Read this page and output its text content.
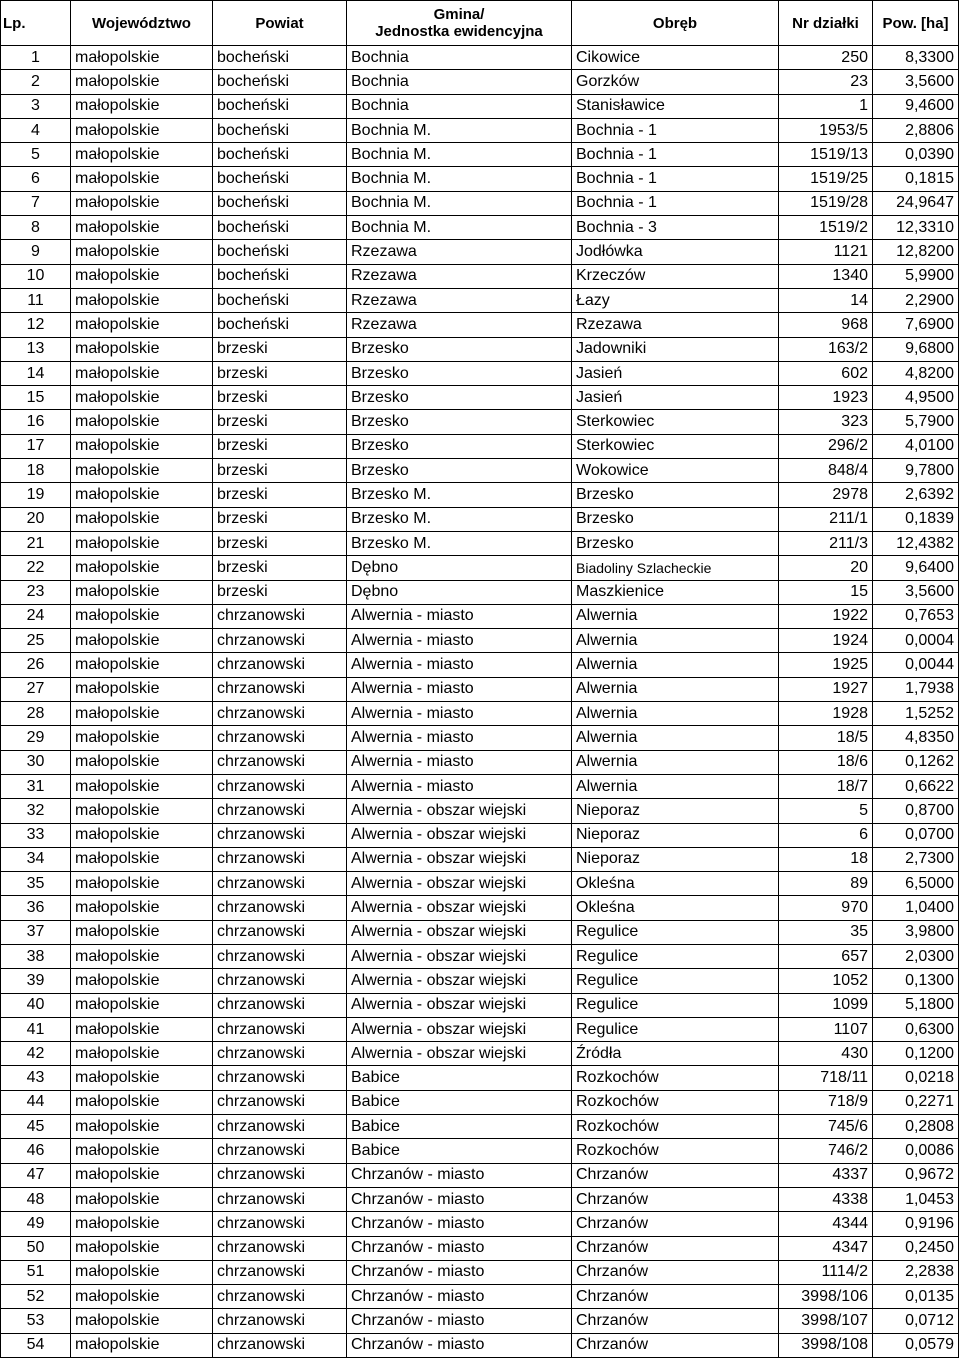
Lp.	Województwo	Powiat	Gmina/
Jednostka ewidencyjna	Obręb	Nr działki	Pow. [ha]
1	małopolskie	bocheński	Bochnia	Cikowice	250	8,3300
2	małopolskie	bocheński	Bochnia	Gorzków	23	3,5600
3	małopolskie	bocheński	Bochnia	Stanisławice	1	9,4600
4	małopolskie	bocheński	Bochnia M.	Bochnia - 1	1953/5	2,8806
5	małopolskie	bocheński	Bochnia M.	Bochnia - 1	1519/13	0,0390
6	małopolskie	bocheński	Bochnia M.	Bochnia - 1	1519/25	0,1815
7	małopolskie	bocheński	Bochnia M.	Bochnia - 1	1519/28	24,9647
8	małopolskie	bocheński	Bochnia M.	Bochnia - 3	1519/2	12,3310
9	małopolskie	bocheński	Rzezawa	Jodłówka	1121	12,8200
10	małopolskie	bocheński	Rzezawa	Krzeczów	1340	5,9900
11	małopolskie	bocheński	Rzezawa	Łazy	14	2,2900
12	małopolskie	bocheński	Rzezawa	Rzezawa	968	7,6900
13	małopolskie	brzeski	Brzesko	Jadowniki	163/2	9,6800
14	małopolskie	brzeski	Brzesko	Jasień	602	4,8200
15	małopolskie	brzeski	Brzesko	Jasień	1923	4,9500
16	małopolskie	brzeski	Brzesko	Sterkowiec	323	5,7900
17	małopolskie	brzeski	Brzesko	Sterkowiec	296/2	4,0100
18	małopolskie	brzeski	Brzesko	Wokowice	848/4	9,7800
19	małopolskie	brzeski	Brzesko M.	Brzesko	2978	2,6392
20	małopolskie	brzeski	Brzesko M.	Brzesko	211/1	0,1839
21	małopolskie	brzeski	Brzesko M.	Brzesko	211/3	12,4382
22	małopolskie	brzeski	Dębno	Biadoliny Szlacheckie	20	9,6400
23	małopolskie	brzeski	Dębno	Maszkienice	15	3,5600
24	małopolskie	chrzanowski	Alwernia - miasto	Alwernia	1922	0,7653
25	małopolskie	chrzanowski	Alwernia - miasto	Alwernia	1924	0,0004
26	małopolskie	chrzanowski	Alwernia - miasto	Alwernia	1925	0,0044
27	małopolskie	chrzanowski	Alwernia - miasto	Alwernia	1927	1,7938
28	małopolskie	chrzanowski	Alwernia - miasto	Alwernia	1928	1,5252
29	małopolskie	chrzanowski	Alwernia - miasto	Alwernia	18/5	4,8350
30	małopolskie	chrzanowski	Alwernia - miasto	Alwernia	18/6	0,1262
31	małopolskie	chrzanowski	Alwernia - miasto	Alwernia	18/7	0,6622
32	małopolskie	chrzanowski	Alwernia - obszar wiejski	Nieporaz	5	0,8700
33	małopolskie	chrzanowski	Alwernia - obszar wiejski	Nieporaz	6	0,0700
34	małopolskie	chrzanowski	Alwernia - obszar wiejski	Nieporaz	18	2,7300
35	małopolskie	chrzanowski	Alwernia - obszar wiejski	Okleśna	89	6,5000
36	małopolskie	chrzanowski	Alwernia - obszar wiejski	Okleśna	970	1,0400
37	małopolskie	chrzanowski	Alwernia - obszar wiejski	Regulice	35	3,9800
38	małopolskie	chrzanowski	Alwernia - obszar wiejski	Regulice	657	2,0300
39	małopolskie	chrzanowski	Alwernia - obszar wiejski	Regulice	1052	0,1300
40	małopolskie	chrzanowski	Alwernia - obszar wiejski	Regulice	1099	5,1800
41	małopolskie	chrzanowski	Alwernia - obszar wiejski	Regulice	1107	0,6300
42	małopolskie	chrzanowski	Alwernia - obszar wiejski	Źródła	430	0,1200
43	małopolskie	chrzanowski	Babice	Rozkochów	718/11	0,0218
44	małopolskie	chrzanowski	Babice	Rozkochów	718/9	0,2271
45	małopolskie	chrzanowski	Babice	Rozkochów	745/6	0,2808
46	małopolskie	chrzanowski	Babice	Rozkochów	746/2	0,0086
47	małopolskie	chrzanowski	Chrzanów - miasto	Chrzanów	4337	0,9672
48	małopolskie	chrzanowski	Chrzanów - miasto	Chrzanów	4338	1,0453
49	małopolskie	chrzanowski	Chrzanów - miasto	Chrzanów	4344	0,9196
50	małopolskie	chrzanowski	Chrzanów - miasto	Chrzanów	4347	0,2450
51	małopolskie	chrzanowski	Chrzanów - miasto	Chrzanów	1114/2	2,2838
52	małopolskie	chrzanowski	Chrzanów - miasto	Chrzanów	3998/106	0,0135
53	małopolskie	chrzanowski	Chrzanów - miasto	Chrzanów	3998/107	0,0712
54	małopolskie	chrzanowski	Chrzanów - miasto	Chrzanów	3998/108	0,0579
